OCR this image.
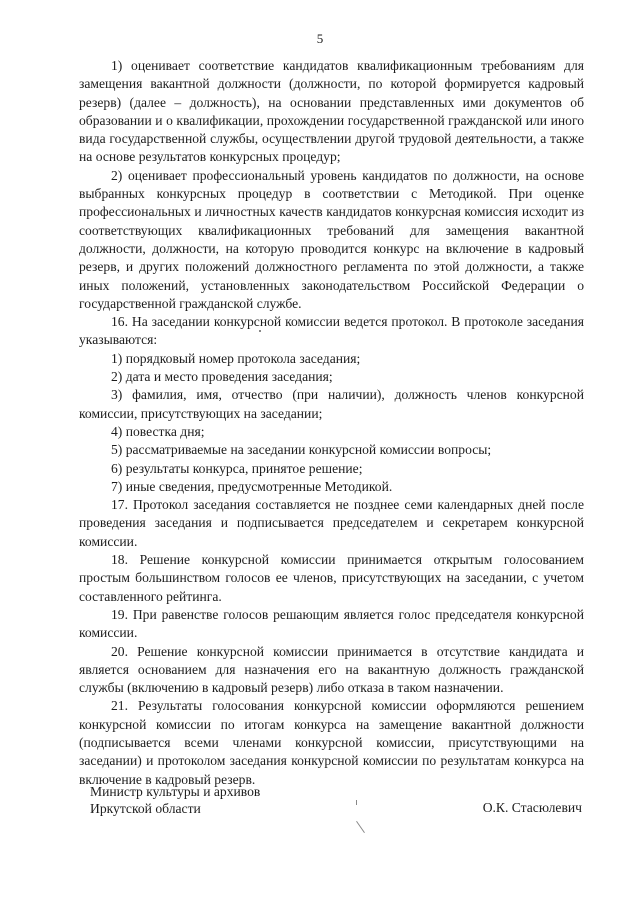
5

1) оценивает соответствие кандидатов квалификационным требованиям для замещения вакантной должности (должности, по которой формируется кадровый резерв) (далее – должность), на основании представленных ими документов об образовании и о квалификации, прохождении государственной гражданской или иного вида государственной службы, осуществлении другой трудовой деятельности, а также на основе результатов конкурсных процедур;

2) оценивает профессиональный уровень кандидатов по должности, на основе выбранных конкурсных процедур в соответствии с Методикой. При оценке профессиональных и личностных качеств кандидатов конкурсная комиссия исходит из соответствующих квалификационных требований для замещения вакантной должности, должности, на которую проводится конкурс на включение в кадровый резерв, и других положений должностного регламента по этой должности, а также иных положений, установленных законодательством Российской Федерации о государственной гражданской службе.

16. На заседании конкурсной комиссии ведется протокол. В протоколе заседания указываются:

1) порядковый номер протокола заседания;

2) дата и место проведения заседания;

3) фамилия, имя, отчество (при наличии), должность членов конкурсной комиссии, присутствующих на заседании;

4) повестка дня;

5) рассматриваемые на заседании конкурсной комиссии вопросы;

6) результаты конкурса, принятое решение;

7) иные сведения, предусмотренные Методикой.

17. Протокол заседания составляется не позднее семи календарных дней после проведения заседания и подписывается председателем и секретарем конкурсной комиссии.

18. Решение конкурсной комиссии принимается открытым голосованием простым большинством голосов ее членов, присутствующих на заседании, с учетом составленного рейтинга.

19. При равенстве голосов решающим является голос председателя конкурсной комиссии.

20. Решение конкурсной комиссии принимается в отсутствие кандидата и является основанием для назначения его на вакантную должность гражданской службы (включению в кадровый резерв) либо отказа в таком назначении.

21. Результаты голосования конкурсной комиссии оформляются решением конкурсной комиссии по итогам конкурса на замещение вакантной должности (подписывается всеми членами конкурсной комиссии, присутствующими на заседании) и протоколом заседания конкурсной комиссии по результатам конкурса на включение в кадровый резерв.

Министр культуры и архивов
Иркутской области	О.К. Стасюлевич
